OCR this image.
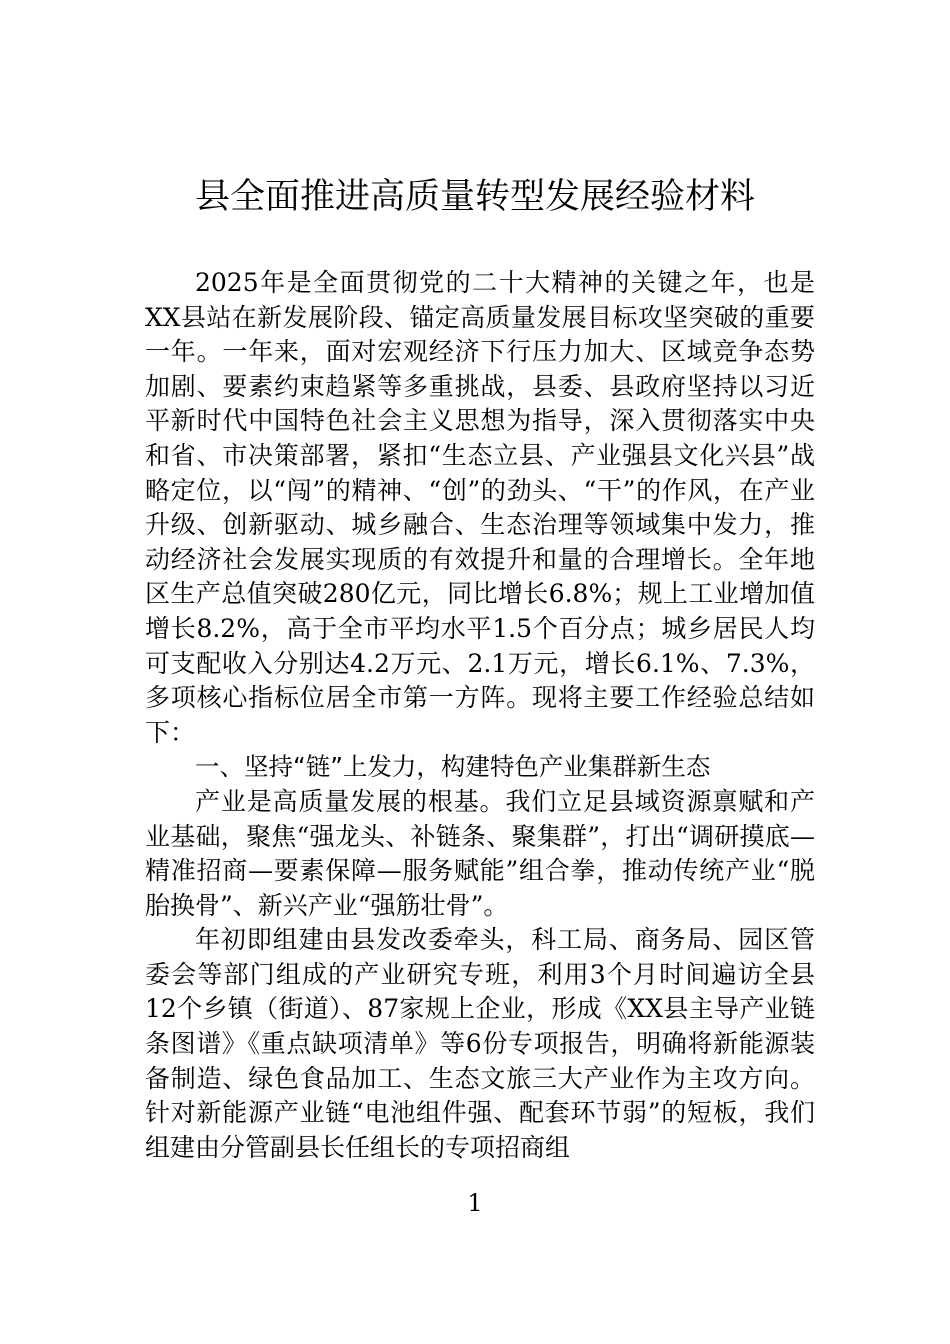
县全面推进高质量转型发展经验材料

2025年是全面贯彻党的二十大精神的关键之年，也是XX县站在新发展阶段、锚定高质量发展目标攻坚突破的重要一年。一年来，面对宏观经济下行压力加大、区域竞争态势加剧、要素约束趋紧等多重挑战，县委、县政府坚持以习近平新时代中国特色社会主义思想为指导，深入贯彻落实中央和省、市决策部署，紧扣“生态立县、产业强县文化兴县”战略定位，以“闯”的精神、“创”的劲头、“干”的作风，在产业升级、创新驱动、城乡融合、生态治理等领域集中发力，推动经济社会发展实现质的有效提升和量的合理增长。全年地区生产总值突破280亿元，同比增长6.8%；规上工业增加值增长8.2%，高于全市平均水平1.5个百分点；城乡居民人均可支配收入分别达4.2万元、2.1万元，增长6.1%、7.3%，多项核心指标位居全市第一方阵。现将主要工作经验总结如下：

一、坚持“链”上发力，构建特色产业集群新生态

产业是高质量发展的根基。我们立足县域资源禀赋和产业基础，聚焦“强龙头、补链条、聚集群”，打出“调研摸底—精准招商—要素保障—服务赋能”组合拳，推动传统产业“脱胎换骨”、新兴产业“强筋壮骨”。

年初即组建由县发改委牵头，科工局、商务局、园区管委会等部门组成的产业研究专班，利用3个月时间遍访全县12个乡镇（街道）、87家规上企业，形成《XX县主导产业链条图谱》《重点缺项清单》等6份专项报告，明确将新能源装备制造、绿色食品加工、生态文旅三大产业作为主攻方向。针对新能源产业链“电池组件强、配套环节弱”的短板，我们组建由分管副县长任组长的专项招商组

1
